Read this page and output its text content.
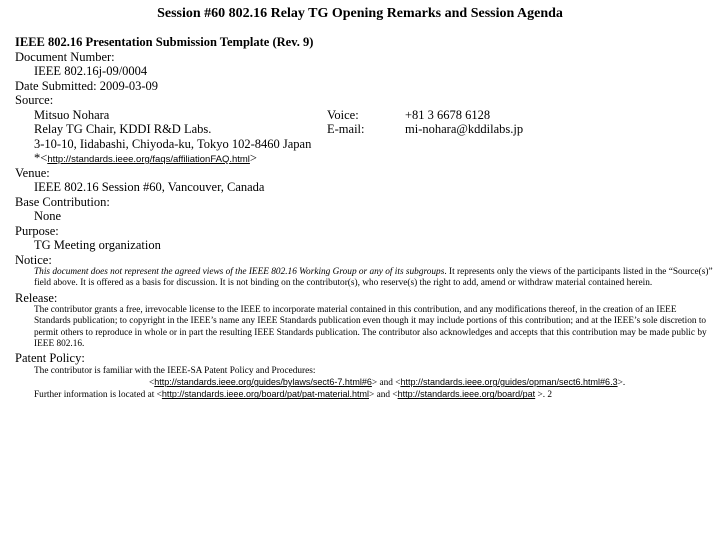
Session #60 802.16 Relay TG Opening Remarks and Session Agenda
IEEE 802.16 Presentation Submission Template (Rev. 9)
Document Number:
IEEE 802.16j-09/0004
Date Submitted: 2009-03-09
Source:
Mitsuo Nohara	Voice:	+81 3 6678 6128
Relay TG Chair, KDDI R&D Labs.	E-mail:	mi-nohara@kddilabs.jp
3-10-10, Iidabashi, Chiyoda-ku, Tokyo 102-8460 Japan
*<http://standards.ieee.org/faqs/affiliationFAQ.html>
Venue:
IEEE 802.16 Session #60, Vancouver, Canada
Base Contribution:
None
Purpose:
TG Meeting organization
Notice:
This document does not represent the agreed views of the IEEE 802.16 Working Group or any of its subgroups. It represents only the views of the participants listed in the “Source(s)” field above. It is offered as a basis for discussion. It is not binding on the contributor(s), who reserve(s) the right to add, amend or withdraw material contained herein.
Release:
The contributor grants a free, irrevocable license to the IEEE to incorporate material contained in this contribution, and any modifications thereof, in the creation of an IEEE Standards publication; to copyright in the IEEE’s name any IEEE Standards publication even though it may include portions of this contribution; and at the IEEE’s sole discretion to permit others to reproduce in whole or in part the resulting IEEE Standards publication. The contributor also acknowledges and accepts that this contribution may be made public by IEEE 802.16.
Patent Policy:
The contributor is familiar with the IEEE-SA Patent Policy and Procedures:
<http://standards.ieee.org/guides/bylaws/sect6-7.html#6> and <http://standards.ieee.org/guides/opman/sect6.html#6.3>.
Further information is located at <http://standards.ieee.org/board/pat/pat-material.html> and <http://standards.ieee.org/board/pat >. 2
